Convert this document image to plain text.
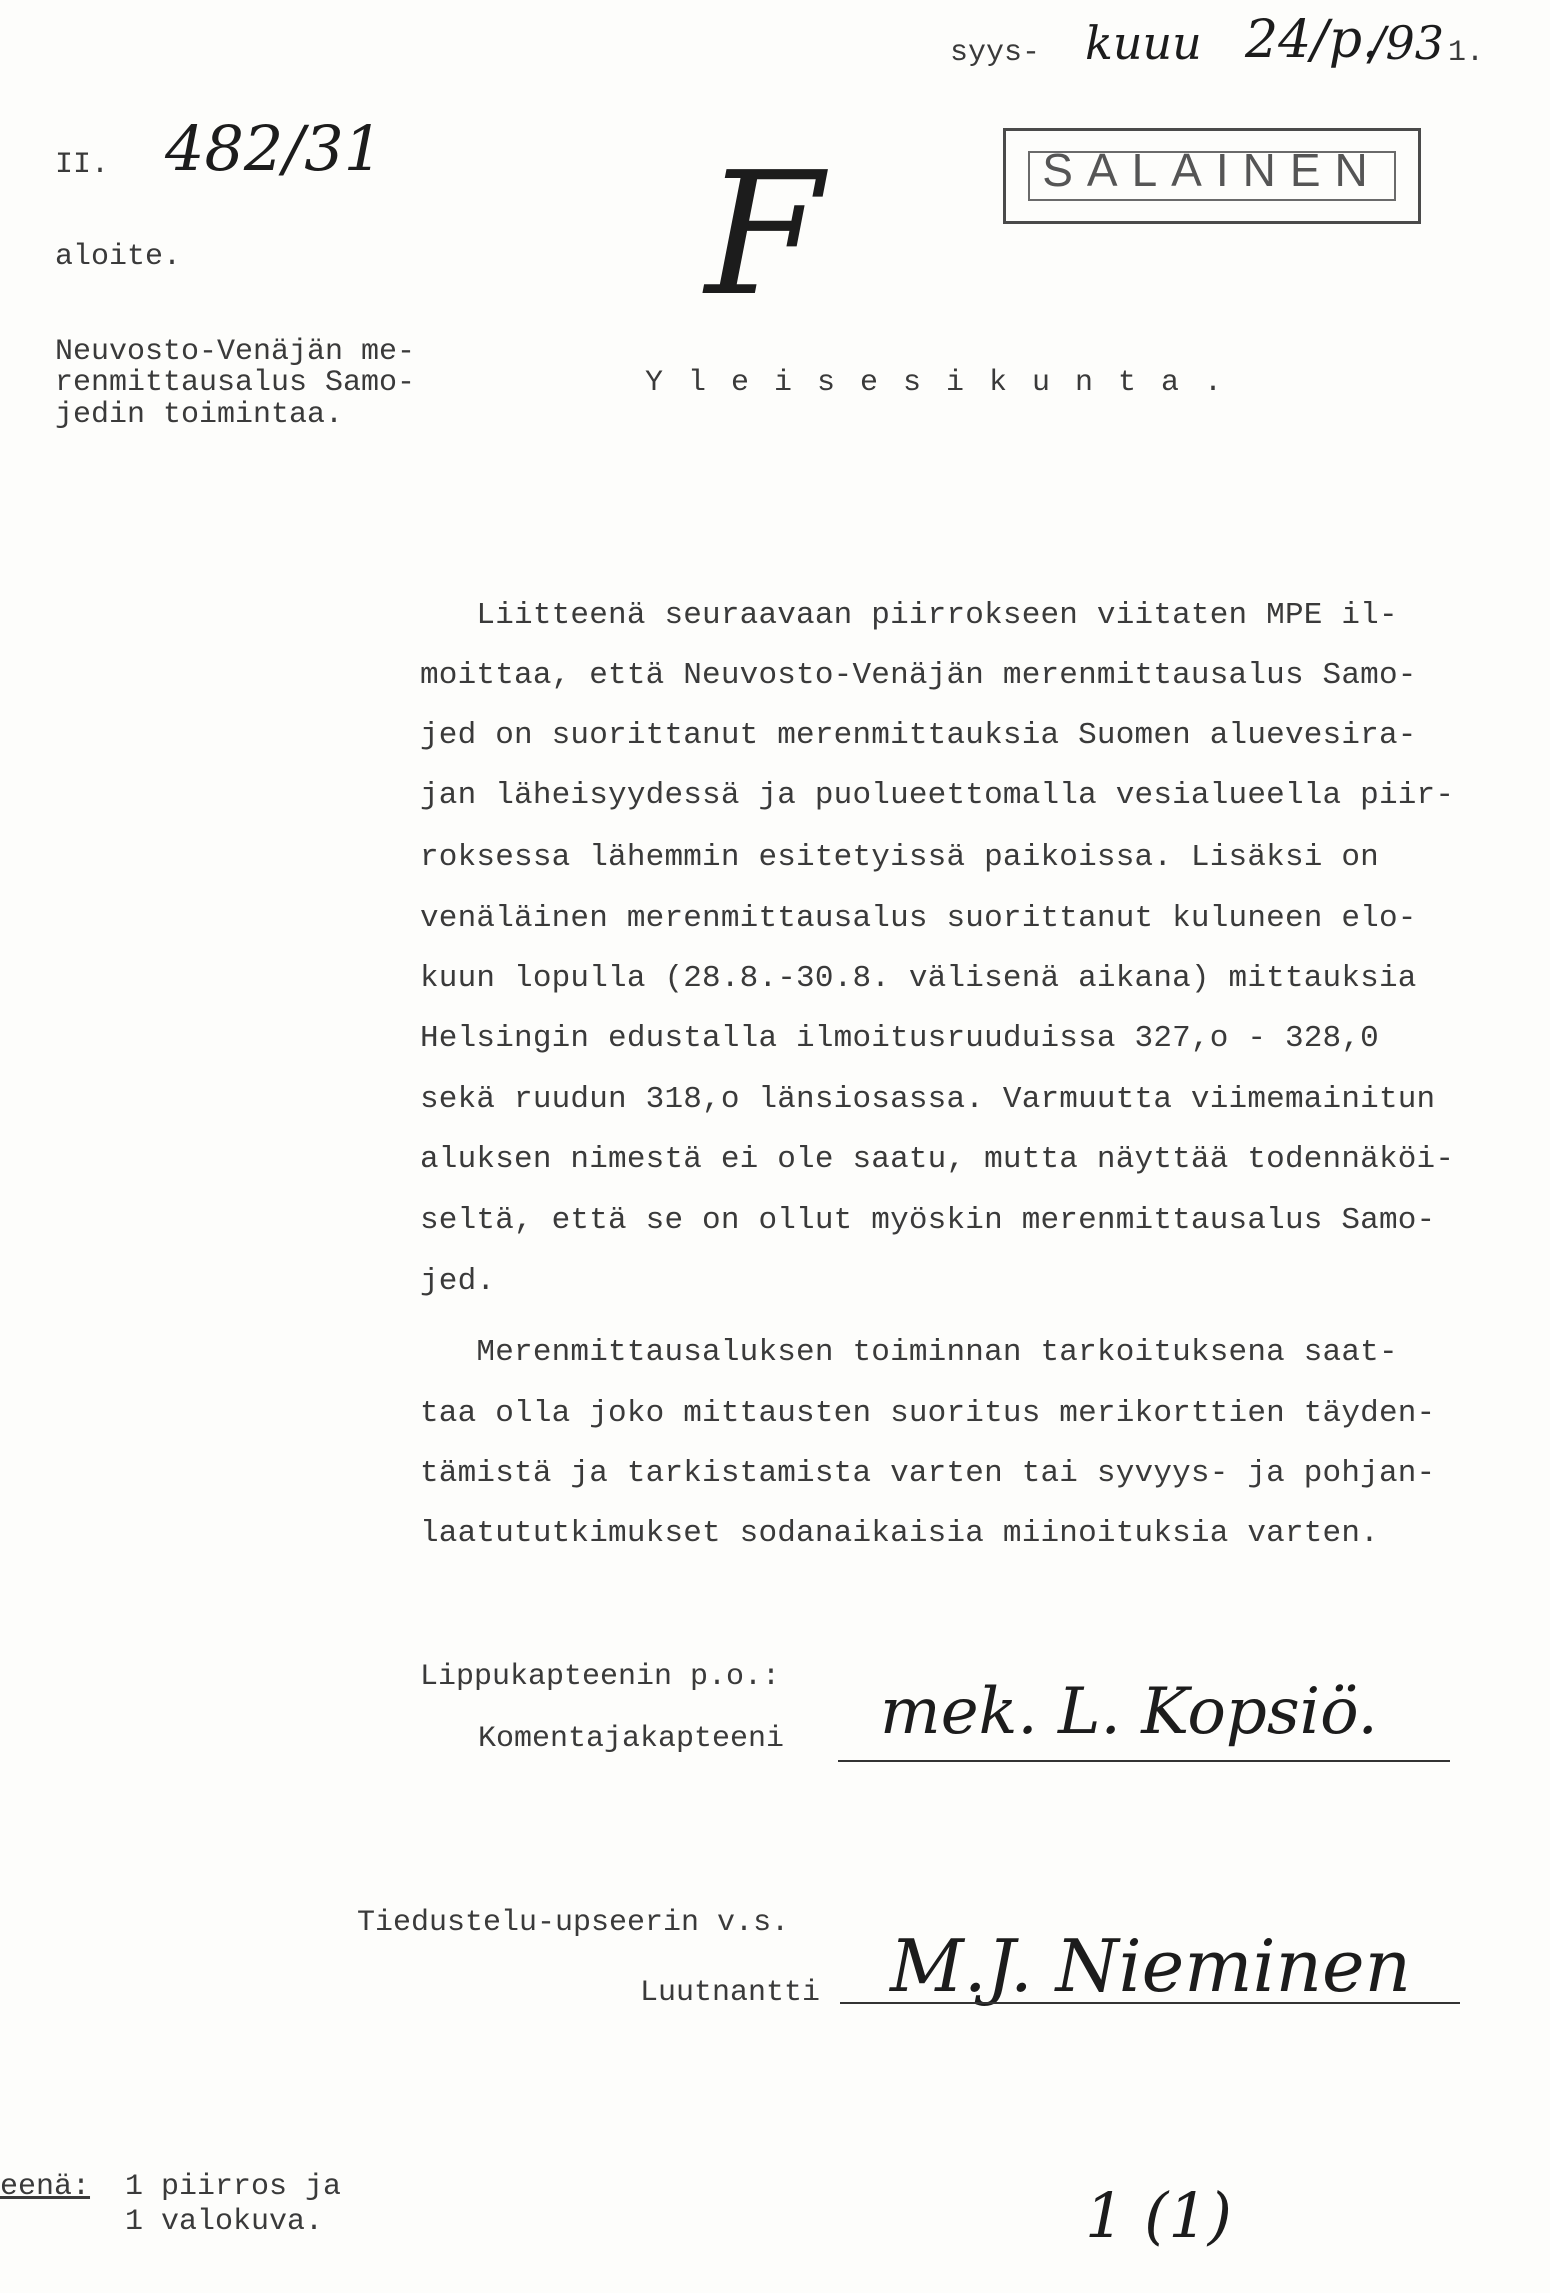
syys- kuuu 24/p.
/93 1.
II. 482/31 F	SALAINEN
aloite.
Neuvosto-Venäjän me-
renmittausalus Samo-
jedin toimintaa.
Yleisesikunta.
Liitteenä seuraavaan piirrokseen viitaten MPE il-
moittaa, että Neuvosto-Venäjän merenmittausalus Samo-
jed on suorittanut merenmittauksia Suomen aluevesira-
jan läheisyydessä ja puolueettomalla vesialueella piir-
roksessa lähemmin esitetyissä paikoissa. Lisäksi on
venäläinen merenmittausalus suorittanut kuluneen elo-
kuun lopulla (28.8.-30.8. välisenä aikana) mittauksia
Helsingin edustalla ilmoitusruuduissa 327,o - 328,0
sekä ruudun 318,o länsiosassa. Varmuutta viimemainitun
aluksen nimestä ei ole saatu, mutta näyttää todennäköi-
seltä, että se on ollut myöskin merenmittausalus Samo-
jed.
Merenmittausaluksen toiminnan tarkoituksena saat-
taa olla joko mittausten suoritus merikorttien täyden-
tämistä ja tarkistamista varten tai syvyys- ja pohjan-
laatututkimukset sodanaikaisia miinoituksia varten.
Lippukapteenin p.o.:
Komentajakapteeni mek. L. Kopsiö.
Tiedustelu-upseerin v.s.
Luutnantti M.J. Nieminen
eenä: 1 piirros ja
1 valokuva.	1 (1)
